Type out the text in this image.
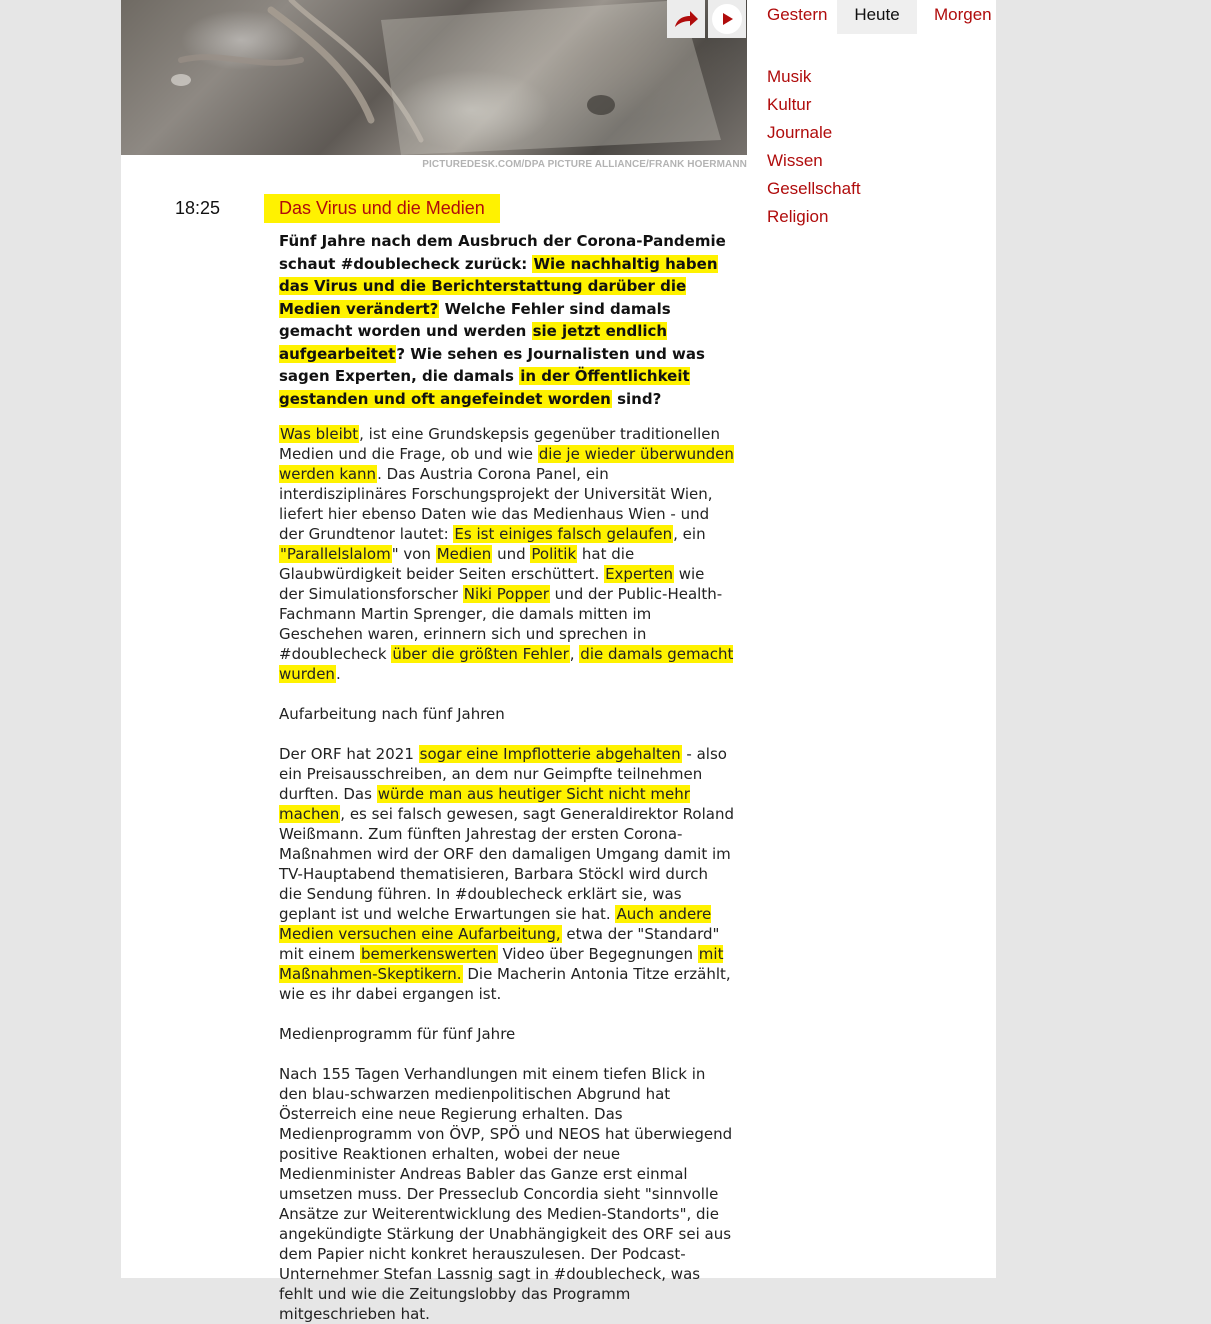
PICTUREDESK.COM/DPA PICTURE ALLIANCE/FRANK HOERMANN
Gestern	Heute	Morgen
Musik
Kultur
Journale
Wissen
Gesellschaft
Religion
18:25	Das Virus und die Medien

Fünf Jahre nach dem Ausbruch der Corona-Pandemie schaut #doublecheck zurück: Wie nachhaltig haben das Virus und die Berichterstattung darüber die Medien verändert? Welche Fehler sind damals gemacht worden und werden sie jetzt endlich aufgearbeitet? Wie sehen es Journalisten und was sagen Experten, die damals in der Öffentlichkeit gestanden und oft angefeindet worden sind?

Was bleibt, ist eine Grundskepsis gegenüber traditionellen Medien und die Frage, ob und wie die je wieder überwunden werden kann. Das Austria Corona Panel, ein interdisziplinäres Forschungsprojekt der Universität Wien, liefert hier ebenso Daten wie das Medienhaus Wien - und der Grundtenor lautet: Es ist einiges falsch gelaufen, ein "Parallelslalom" von Medien und Politik hat die Glaubwürdigkeit beider Seiten erschüttert. Experten wie der Simulationsforscher Niki Popper und der Public-Health-Fachmann Martin Sprenger, die damals mitten im Geschehen waren, erinnern sich und sprechen in #doublecheck über die größten Fehler, die damals gemacht wurden.

Aufarbeitung nach fünf Jahren

Der ORF hat 2021 sogar eine Impflotterie abgehalten - also ein Preisausschreiben, an dem nur Geimpfte teilnehmen durften. Das würde man aus heutiger Sicht nicht mehr machen, es sei falsch gewesen, sagt Generaldirektor Roland Weißmann. Zum fünften Jahrestag der ersten Corona-Maßnahmen wird der ORF den damaligen Umgang damit im TV-Hauptabend thematisieren, Barbara Stöckl wird durch die Sendung führen. In #doublecheck erklärt sie, was geplant ist und welche Erwartungen sie hat. Auch andere Medien versuchen eine Aufarbeitung, etwa der "Standard" mit einem bemerkenswerten Video über Begegnungen mit Maßnahmen-Skeptikern. Die Macherin Antonia Titze erzählt, wie es ihr dabei ergangen ist.

Medienprogramm für fünf Jahre

Nach 155 Tagen Verhandlungen mit einem tiefen Blick in den blau-schwarzen medienpolitischen Abgrund hat Österreich eine neue Regierung erhalten. Das Medienprogramm von ÖVP, SPÖ und NEOS hat überwiegend positive Reaktionen erhalten, wobei der neue Medienminister Andreas Babler das Ganze erst einmal umsetzen muss. Der Presseclub Concordia sieht "sinnvolle Ansätze zur Weiterentwicklung des Medien-Standorts", die angekündigte Stärkung der Unabhängigkeit des ORF sei aus dem Papier nicht konkret herauszulesen. Der Podcast-Unternehmer Stefan Lassnig sagt in #doublecheck, was fehlt und wie die Zeitungslobby das Programm mitgeschrieben hat.
